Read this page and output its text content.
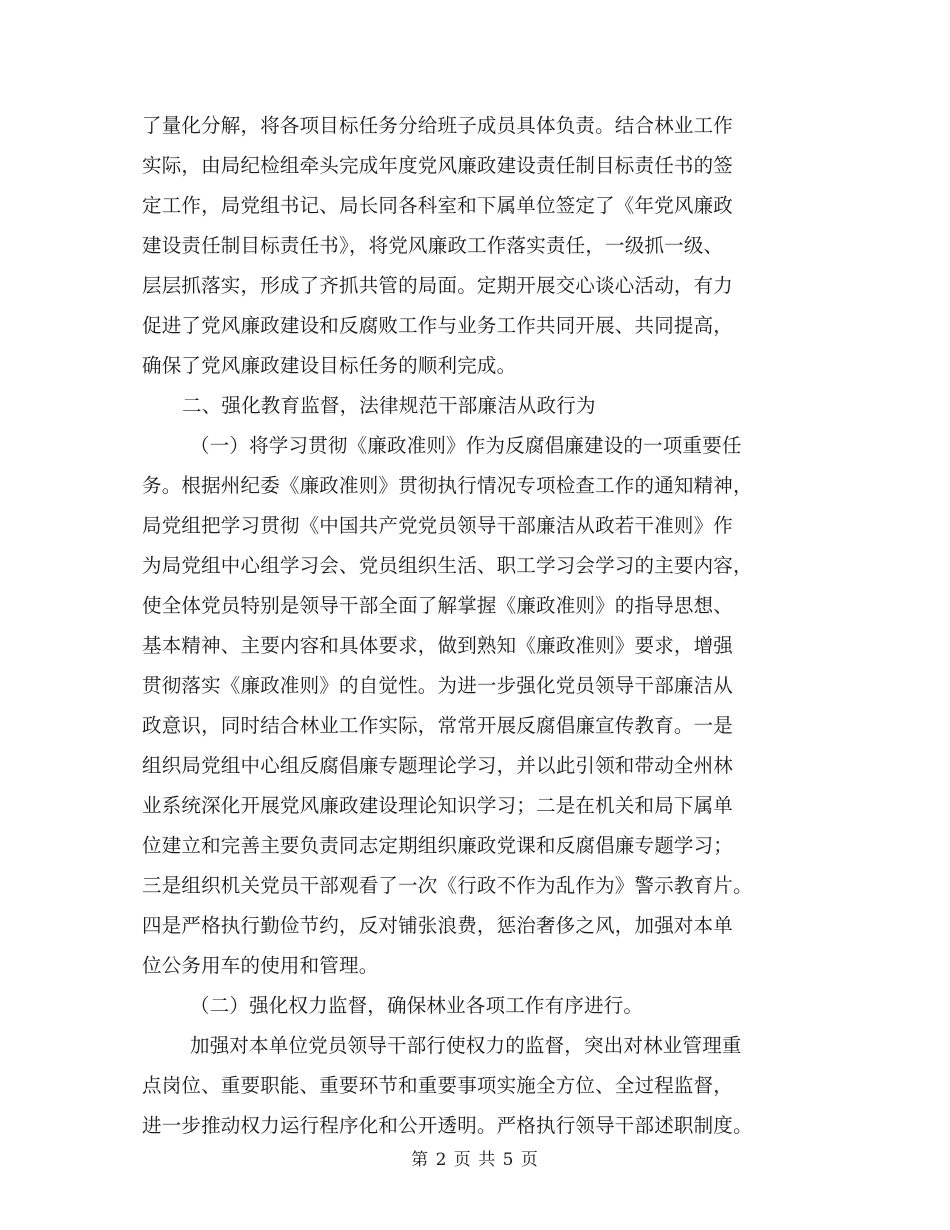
了量化分解，将各项目标任务分给班子成员具体负责。结合林业工作
实际，由局纪检组牵头完成年度党风廉政建设责任制目标责任书的签
定工作，局党组书记、局长同各科室和下属单位签定了《年党风廉政
建设责任制目标责任书》，将党风廉政工作落实责任，一级抓一级、
层层抓落实，形成了齐抓共管的局面。定期开展交心谈心活动，有力
促进了党风廉政建设和反腐败工作与业务工作共同开展、共同提高，
确保了党风廉政建设目标任务的顺利完成。
二、强化教育监督，法律规范干部廉洁从政行为
（一）将学习贯彻《廉政准则》作为反腐倡廉建设的一项重要任
务。根据州纪委《廉政准则》贯彻执行情况专项检查工作的通知精神，
局党组把学习贯彻《中国共产党党员领导干部廉洁从政若干准则》作
为局党组中心组学习会、党员组织生活、职工学习会学习的主要内容，
使全体党员特别是领导干部全面了解掌握《廉政准则》的指导思想、
基本精神、主要内容和具体要求，做到熟知《廉政准则》要求，增强
贯彻落实《廉政准则》的自觉性。为进一步强化党员领导干部廉洁从
政意识，同时结合林业工作实际，常常开展反腐倡廉宣传教育。一是
组织局党组中心组反腐倡廉专题理论学习，并以此引领和带动全州林
业系统深化开展党风廉政建设理论知识学习；二是在机关和局下属单
位建立和完善主要负责同志定期组织廉政党课和反腐倡廉专题学习；
三是组织机关党员干部观看了一次《行政不作为乱作为》警示教育片。
四是严格执行勤俭节约，反对铺张浪费，惩治奢侈之风，加强对本单
位公务用车的使用和管理。
（二）强化权力监督，确保林业各项工作有序进行。
加强对本单位党员领导干部行使权力的监督，突出对林业管理重
点岗位、重要职能、重要环节和重要事项实施全方位、全过程监督，
进一步推动权力运行程序化和公开透明。严格执行领导干部述职制度。
第 2 页 共 5 页
